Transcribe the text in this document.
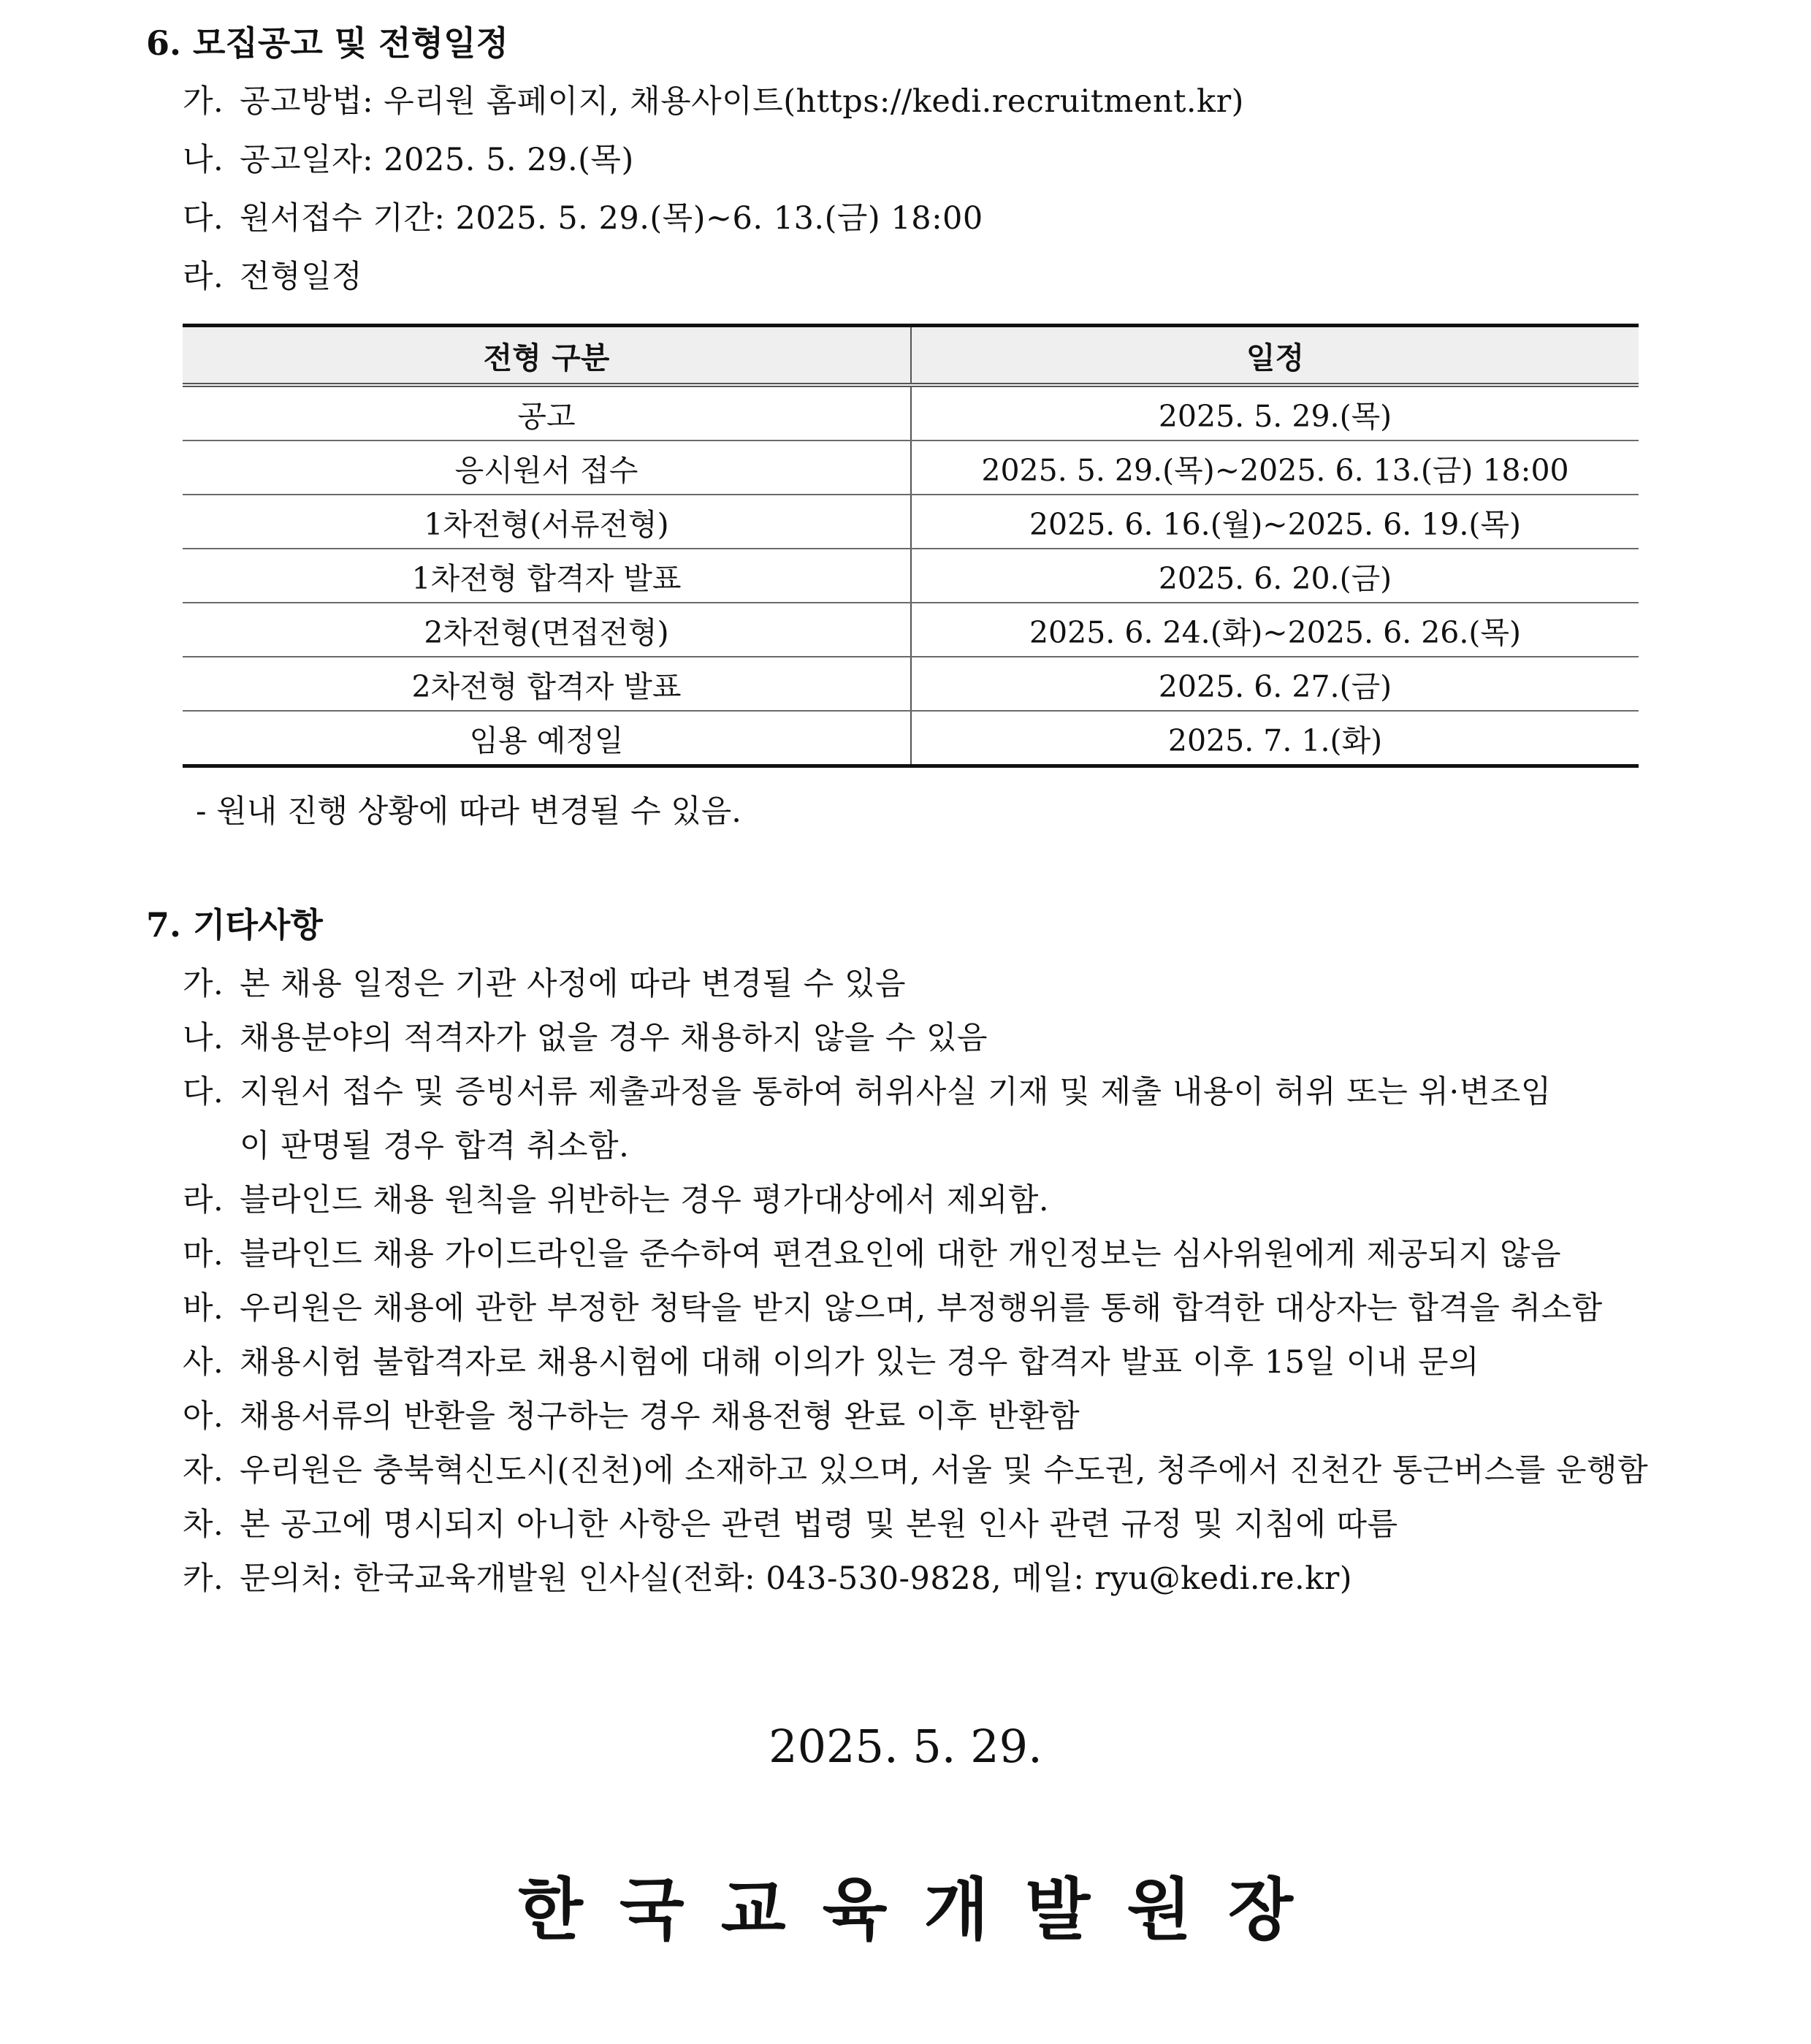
6. 모집공고 및 전형일정
가. 공고방법: 우리원 홈페이지, 채용사이트(https://kedi.recruitment.kr)
나. 공고일자: 2025. 5. 29.(목)
다. 원서접수 기간: 2025. 5. 29.(목)~6. 13.(금) 18:00
라. 전형일정
전형 구분	일정
공고	2025. 5. 29.(목)
응시원서 접수	2025. 5. 29.(목)~2025. 6. 13.(금) 18:00
1차전형(서류전형)	2025. 6. 16.(월)~2025. 6. 19.(목)
1차전형 합격자 발표	2025. 6. 20.(금)
2차전형(면접전형)	2025. 6. 24.(화)~2025. 6. 26.(목)
2차전형 합격자 발표	2025. 6. 27.(금)
임용 예정일	2025. 7. 1.(화)
- 원내 진행 상황에 따라 변경될 수 있음.
7. 기타사항
가. 본 채용 일정은 기관 사정에 따라 변경될 수 있음
나. 채용분야의 적격자가 없을 경우 채용하지 않을 수 있음
다. 지원서 접수 및 증빙서류 제출과정을 통하여 허위사실 기재 및 제출 내용이 허위 또는 위·변조임
이 판명될 경우 합격 취소함.
라. 블라인드 채용 원칙을 위반하는 경우 평가대상에서 제외함.
마. 블라인드 채용 가이드라인을 준수하여 편견요인에 대한 개인정보는 심사위원에게 제공되지 않음
바. 우리원은 채용에 관한 부정한 청탁을 받지 않으며, 부정행위를 통해 합격한 대상자는 합격을 취소함
사. 채용시험 불합격자로 채용시험에 대해 이의가 있는 경우 합격자 발표 이후 15일 이내 문의
아. 채용서류의 반환을 청구하는 경우 채용전형 완료 이후 반환함
자. 우리원은 충북혁신도시(진천)에 소재하고 있으며, 서울 및 수도권, 청주에서 진천간 통근버스를 운행함
차. 본 공고에 명시되지 아니한 사항은 관련 법령 및 본원 인사 관련 규정 및 지침에 따름
카. 문의처: 한국교육개발원 인사실(전화: 043-530-9828, 메일: ryu@kedi.re.kr)
2025. 5. 29.
한국교육개발원장
